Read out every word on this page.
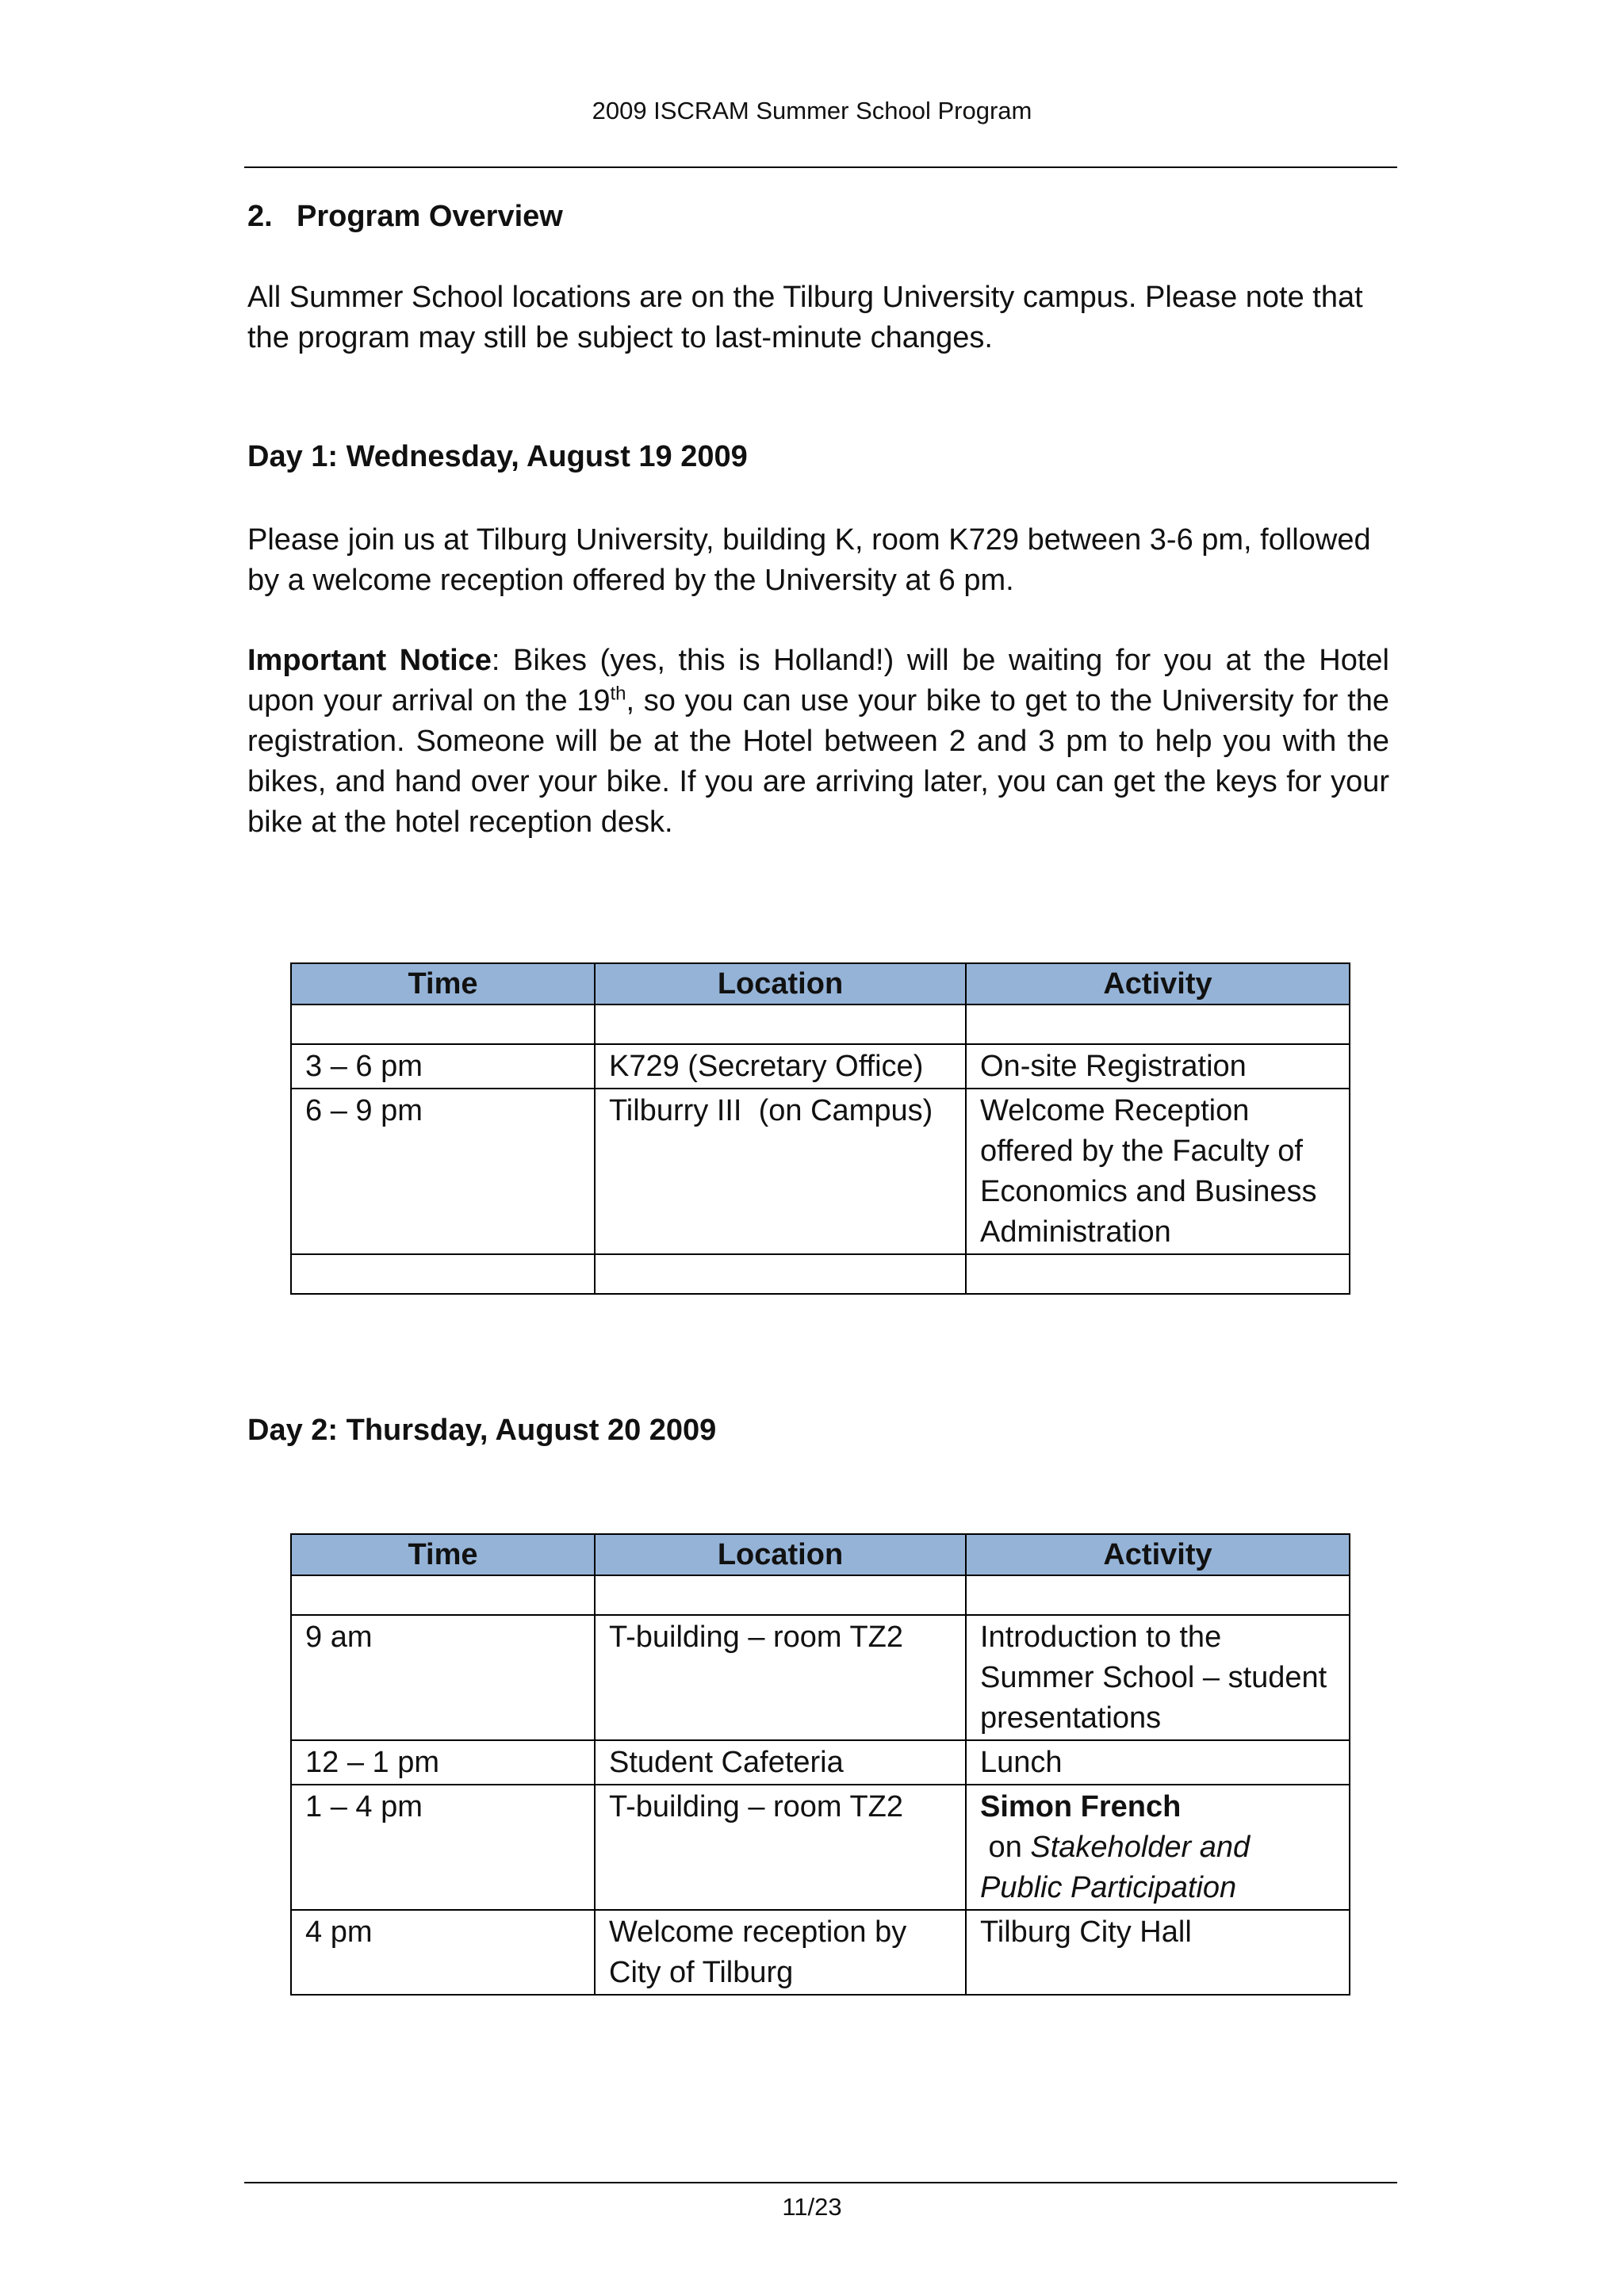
2009 ISCRAM Summer School Program
2. Program Overview
All Summer School locations are on the Tilburg University campus. Please note that the program may still be subject to last-minute changes.
Day 1: Wednesday, August 19 2009
Please join us at Tilburg University, building K, room K729 between 3-6 pm, followed by a welcome reception offered by the University at 6 pm.
Important Notice: Bikes (yes, this is Holland!) will be waiting for you at the Hotel upon your arrival on the 19th, so you can use your bike to get to the University for the registration. Someone will be at the Hotel between 2 and 3 pm to help you with the bikes, and hand over your bike. If you are arriving later, you can get the keys for your bike at the hotel reception desk.
Time	Location	Activity

3 – 6 pm	K729 (Secretary Office)	On-site Registration
6 – 9 pm	Tilburry III  (on Campus)	Welcome Reception offered by the Faculty of Economics and Business Administration

Day 2: Thursday, August 20 2009
Time	Location	Activity

9 am	T-building – room TZ2	Introduction to the Summer School – student presentations
12 – 1 pm	Student Cafeteria	Lunch
1 – 4 pm	T-building – room TZ2	Simon French on Stakeholder and Public Participation
4 pm	Welcome reception by City of Tilburg	Tilburg City Hall
11/23
